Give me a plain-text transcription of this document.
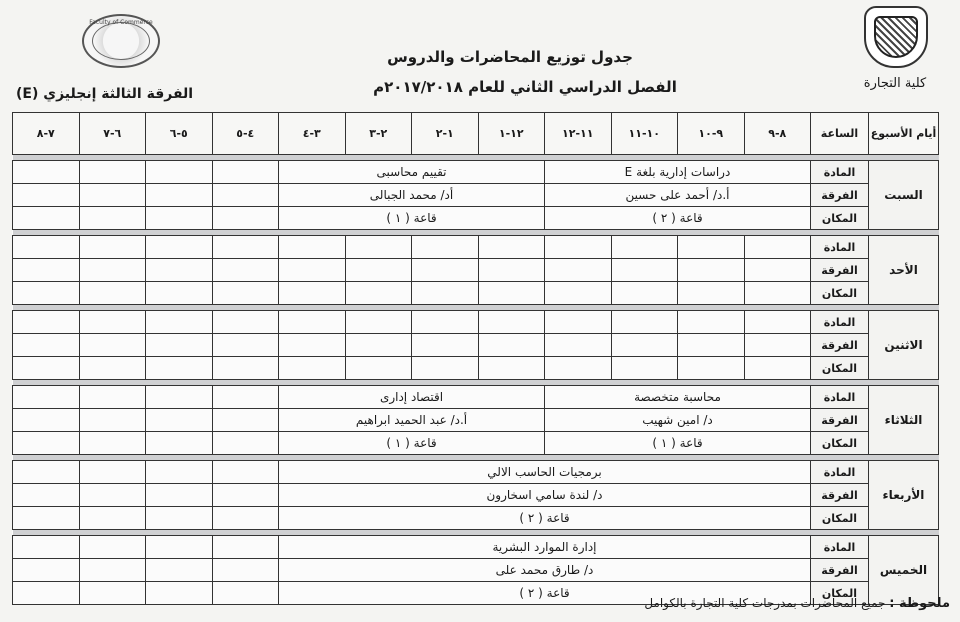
Faculty of Commerce
كلية التجارة
جدول توزيع المحاضرات والدروس
الفصل الدراسي الثاني للعام ٢٠١٧/٢٠١٨م
الفرقة الثالثة إنجليزي (E)
أيام الأسبوع	الساعة	٨-٩	٩-١٠	١٠-١١	١١-١٢	١٢-١	١-٢	٢-٣	٣-٤	٤-٥	٥-٦	٦-٧	٧-٨

السبت	المادة	دراسات إدارية بلغة E				تقييم محاسبى							
	الفرقة	أ.د/ أحمد على حسين				أد/ محمد الجبالى							
	المكان	قاعة ( ٢ )				قاعة ( ١ )							

الأحد	المادة												
	الفرقة												
	المكان												

الاثنين	المادة												
	الفرقة												
	المكان												

الثلاثاء	المادة	محاسبة متخصصة				اقتصاد إدارى							
	الفرقة	د/ امين شهيب				أ.د/ عبد الحميد ابراهيم							
	المكان	قاعة ( ١ )				قاعة ( ١ )							

الأربعاء	المادة	برمجيات الحاسب الالي											
	الفرقة	د/ لندة سامي اسخارون											
	المكان	قاعة ( ٢ )											

الخميس	المادة	إدارة الموارد البشرية											
	الفرقة	د/ طارق محمد على											
	المكان	قاعة ( ٢ )											
ملحوظة : جميع المحاضرات بمدرجات كلية التجارة بالكوامل
